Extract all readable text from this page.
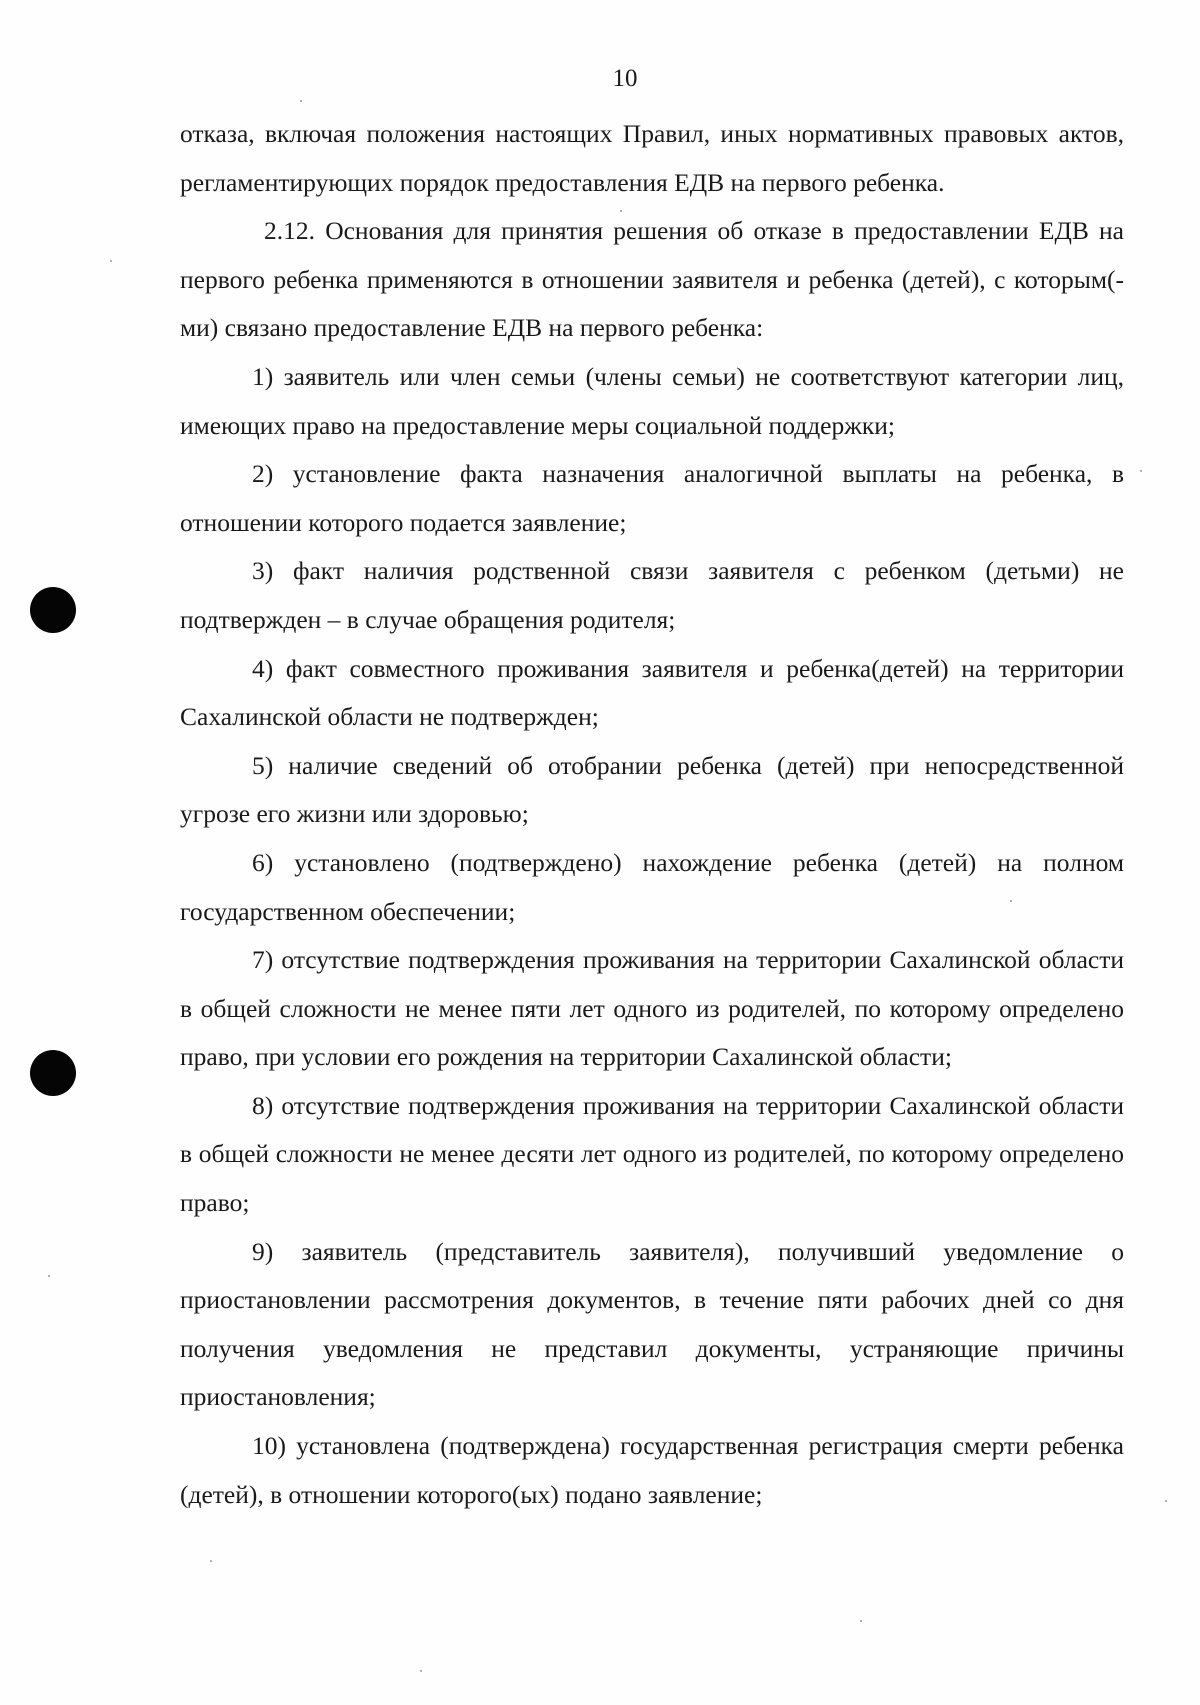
10

отказа, включая положения настоящих Правил, иных нормативных правовых актов, регламентирующих порядок предоставления ЕДВ на первого ребенка.

2.12. Основания для принятия решения об отказе в предоставлении ЕДВ на первого ребенка применяются в отношении заявителя и ребенка (детей), с которым(-ми) связано предоставление ЕДВ на первого ребенка:

1) заявитель или член семьи (члены семьи) не соответствуют категории лиц, имеющих право на предоставление меры социальной поддержки;

2) установление факта назначения аналогичной выплаты на ребенка, в отношении которого подается заявление;

3) факт наличия родственной связи заявителя с ребенком (детьми) не подтвержден – в случае обращения родителя;

4) факт совместного проживания заявителя и ребенка(детей) на территории Сахалинской области не подтвержден;

5) наличие сведений об отобрании ребенка (детей) при непосредственной угрозе его жизни или здоровью;

6) установлено (подтверждено) нахождение ребенка (детей) на полном государственном обеспечении;

7) отсутствие подтверждения проживания на территории Сахалинской области в общей сложности не менее пяти лет одного из родителей, по которому определено право, при условии его рождения на территории Сахалинской области;

8) отсутствие подтверждения проживания на территории Сахалинской области в общей сложности не менее десяти лет одного из родителей, по которому определено право;

9) заявитель (представитель заявителя), получивший уведомление о приостановлении рассмотрения документов, в течение пяти рабочих дней со дня получения уведомления не представил документы, устраняющие причины приостановления;

10) установлена (подтверждена) государственная регистрация смерти ребенка (детей), в отношении которого(ых) подано заявление;
